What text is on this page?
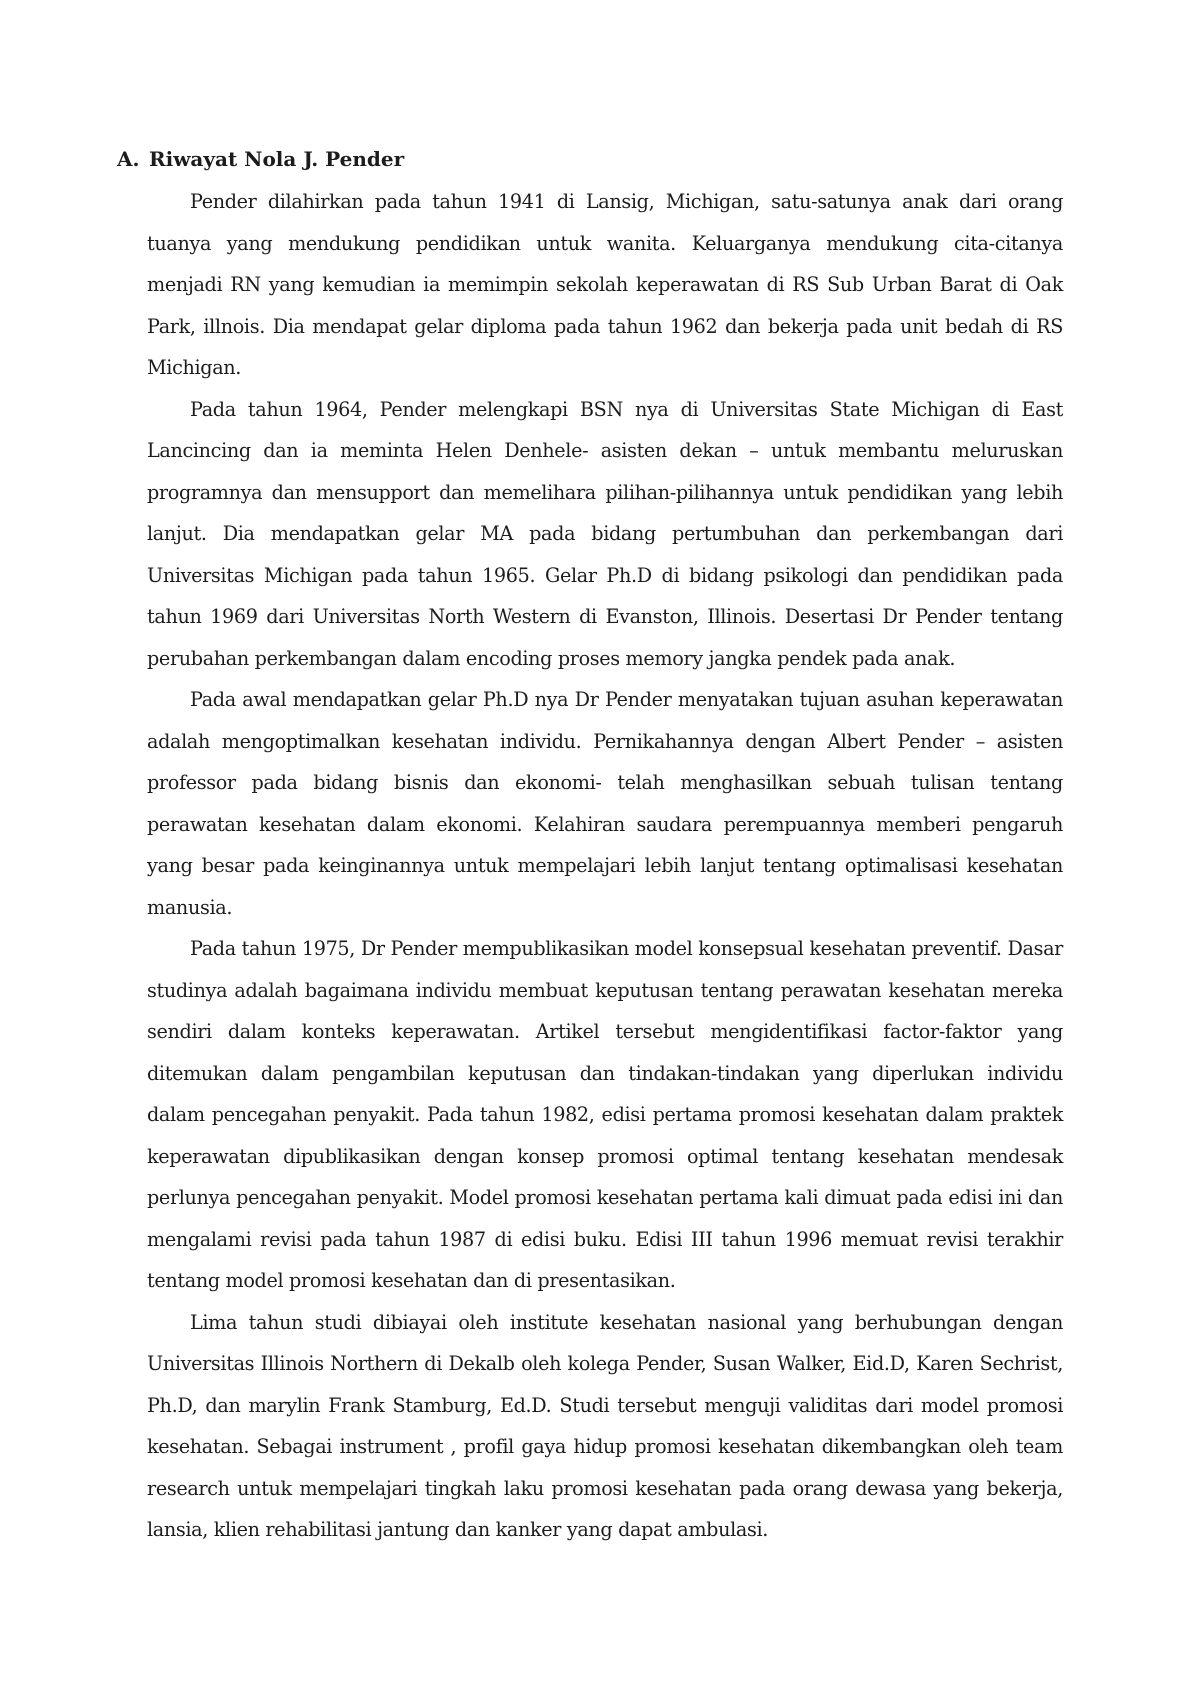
A. Riwayat Nola J. Pender

Pender dilahirkan pada tahun 1941 di Lansig, Michigan, satu-satunya anak dari orang tuanya yang mendukung pendidikan untuk wanita. Keluarganya mendukung cita-citanya menjadi RN yang kemudian ia memimpin sekolah keperawatan di RS Sub Urban Barat di Oak Park, illnois. Dia mendapat gelar diploma pada tahun 1962 dan bekerja pada unit bedah di RS Michigan.

Pada tahun 1964, Pender melengkapi BSN nya di Universitas State Michigan di East Lancincing dan ia meminta Helen Denhele- asisten dekan – untuk membantu meluruskan programnya dan mensupport dan memelihara pilihan-pilihannya untuk pendidikan yang lebih lanjut. Dia mendapatkan gelar MA pada bidang pertumbuhan dan perkembangan dari Universitas Michigan pada tahun 1965. Gelar Ph.D di bidang psikologi dan pendidikan pada tahun 1969 dari Universitas North Western di Evanston, Illinois. Desertasi Dr Pender tentang perubahan perkembangan dalam encoding proses memory jangka pendek pada anak.

Pada awal mendapatkan gelar Ph.D nya Dr Pender menyatakan tujuan asuhan keperawatan adalah mengoptimalkan kesehatan individu. Pernikahannya dengan Albert Pender – asisten professor pada bidang bisnis dan ekonomi- telah menghasilkan sebuah tulisan tentang perawatan kesehatan dalam ekonomi. Kelahiran saudara perempuannya memberi pengaruh yang besar pada keinginannya untuk mempelajari lebih lanjut tentang optimalisasi kesehatan manusia.

Pada tahun 1975, Dr Pender mempublikasikan model konsepsual kesehatan preventif. Dasar studinya adalah bagaimana individu membuat keputusan tentang perawatan kesehatan mereka sendiri dalam konteks keperawatan. Artikel tersebut mengidentifikasi factor-faktor yang ditemukan dalam pengambilan keputusan dan tindakan-tindakan yang diperlukan individu dalam pencegahan penyakit. Pada tahun 1982, edisi pertama promosi kesehatan dalam praktek keperawatan dipublikasikan dengan konsep promosi optimal tentang kesehatan mendesak perlunya pencegahan penyakit. Model promosi kesehatan pertama kali dimuat pada edisi ini dan mengalami revisi pada tahun 1987 di edisi buku. Edisi III tahun 1996 memuat revisi terakhir tentang model promosi kesehatan dan di presentasikan.

Lima tahun studi dibiayai oleh institute kesehatan nasional yang berhubungan dengan Universitas Illinois Northern di Dekalb oleh kolega Pender, Susan Walker, Eid.D, Karen Sechrist, Ph.D, dan marylin Frank Stamburg, Ed.D. Studi tersebut menguji validitas dari model promosi kesehatan. Sebagai instrument , profil gaya hidup promosi kesehatan dikembangkan oleh team research untuk mempelajari tingkah laku promosi kesehatan pada orang dewasa yang bekerja, lansia, klien rehabilitasi jantung dan kanker yang dapat ambulasi.
